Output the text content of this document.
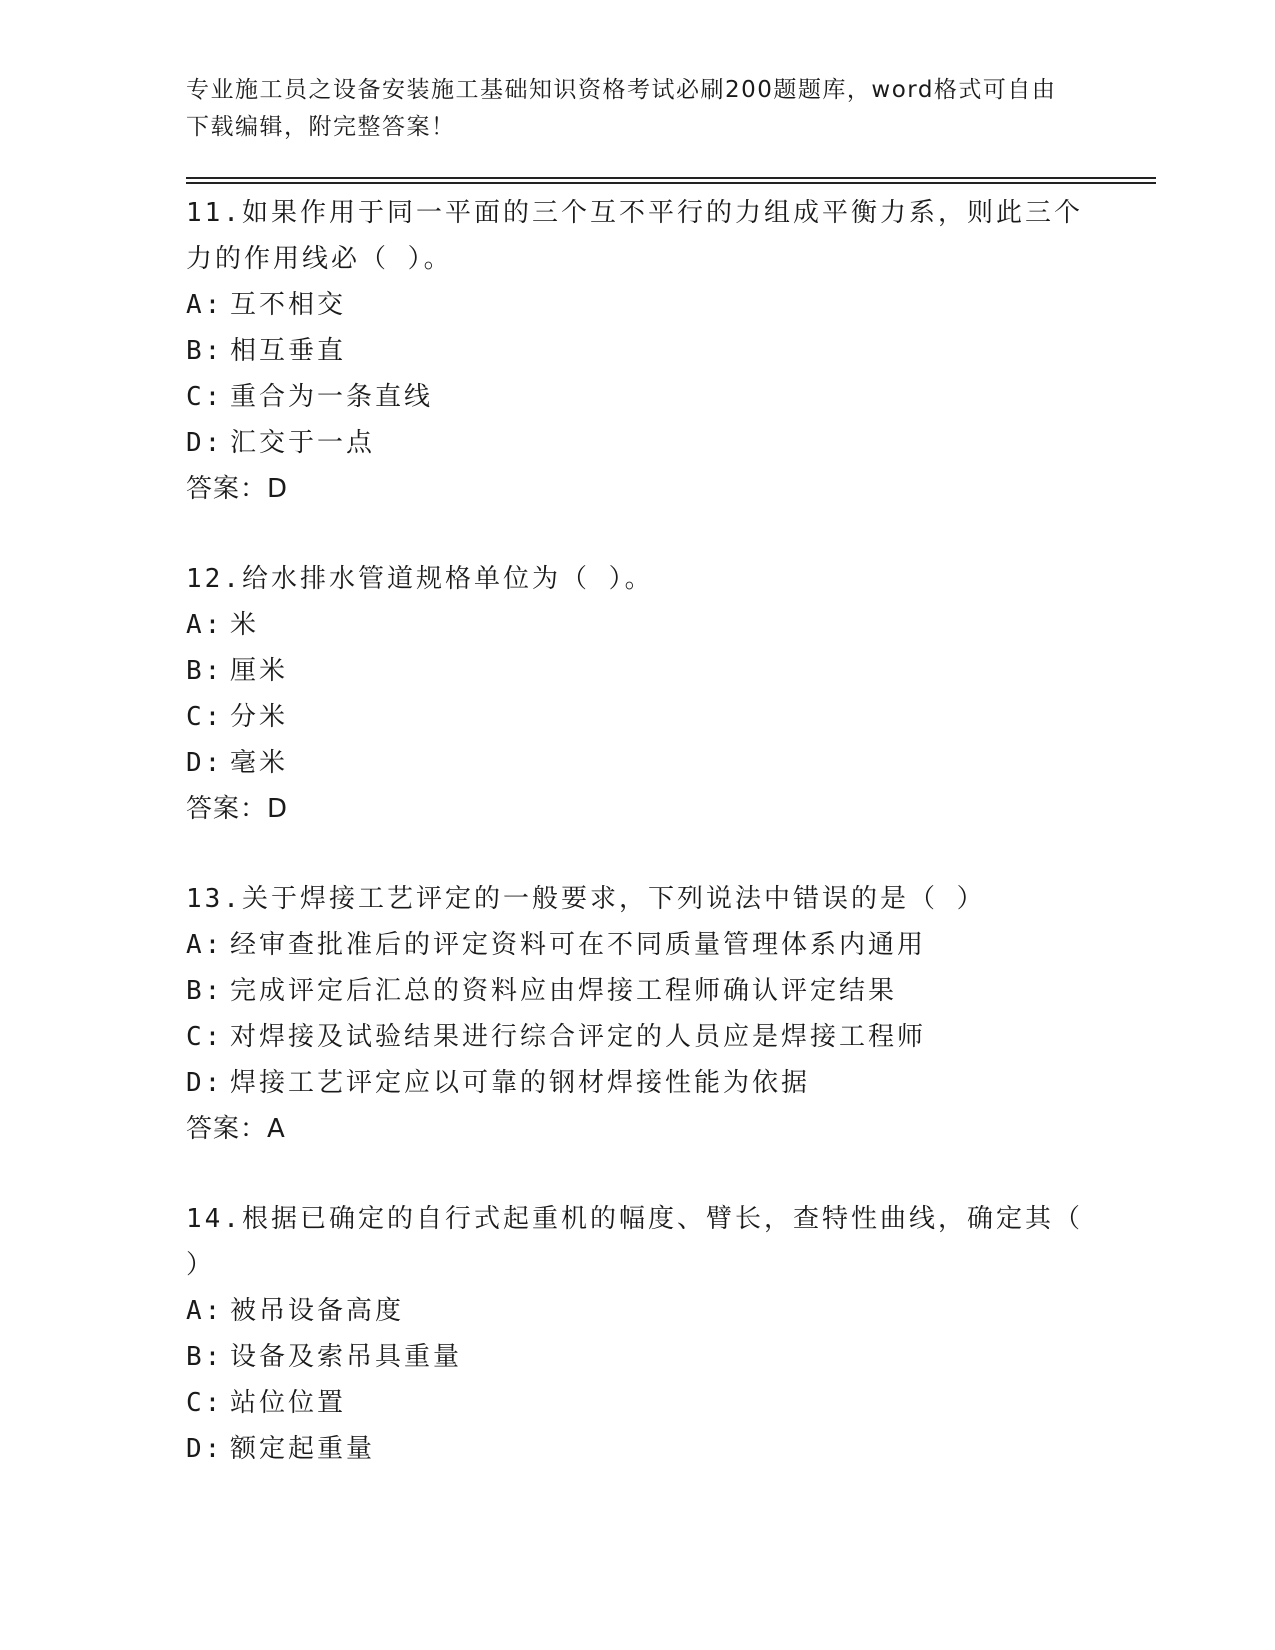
专业施工员之设备安装施工基础知识资格考试必刷200题题库，word格式可自由下载编辑，附完整答案！

11.如果作用于同一平面的三个互不平行的力组成平衡力系，则此三个力的作用线必（ ）。

A: 互不相交
B: 相互垂直
C: 重合为一条直线
D: 汇交于一点
答案：D

12.给水排水管道规格单位为（ ）。

A: 米
B: 厘米
C: 分米
D: 毫米
答案：D

13.关于焊接工艺评定的一般要求，下列说法中错误的是（ ）

A: 经审查批准后的评定资料可在不同质量管理体系内通用
B: 完成评定后汇总的资料应由焊接工程师确认评定结果
C: 对焊接及试验结果进行综合评定的人员应是焊接工程师
D: 焊接工艺评定应以可靠的钢材焊接性能为依据
答案：A

14.根据已确定的自行式起重机的幅度、臂长，查特性曲线，确定其（ ）

A: 被吊设备高度
B: 设备及索吊具重量
C: 站位位置
D: 额定起重量
